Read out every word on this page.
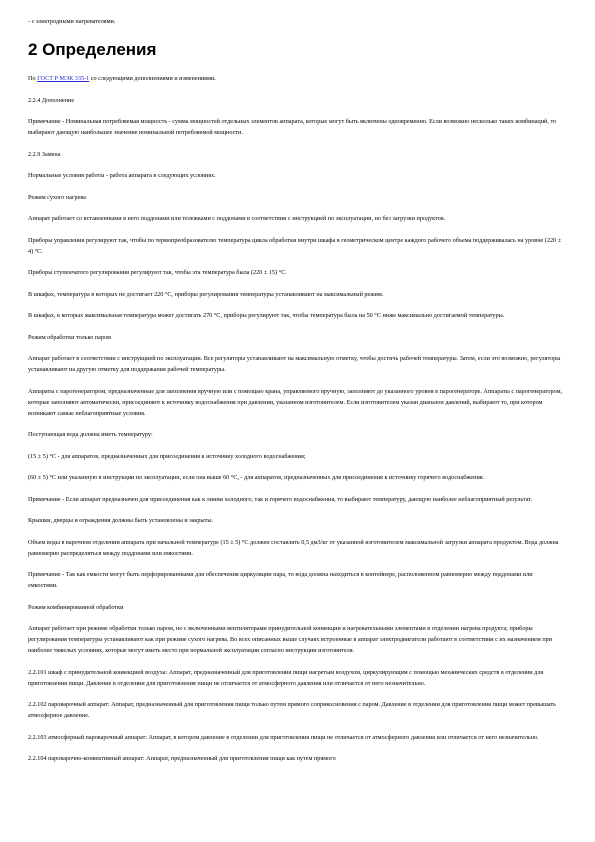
- с электродными нагревателями.
2 Определения

По ГОСТ Р МЭК 335-1 со следующими дополнениями и изменениями.

2.2.4 Дополнение

Примечание - Номинальная потребляемая мощность - сумма мощностей отдельных элементов аппарата, которые могут быть включены одновременно. Если возможно несколько таких комбинаций, то выбирают дающую наибольшее значение номинальной потребляемой мощности.

2.2.9 Замена

Нормальные условия работы - работа аппарата в следующих условиях.

Режим сухого нагрева

Аппарат работает со вставленными в него поддонами или тележками с поддонами в соответствии с инструкцией по эксплуатации, но без загрузки продуктов.

Приборы управления регулируют так, чтобы по термопреобразователю температура цикла обработки внутри шкафа в геометрическом центре каждого рабочего объема поддерживалась на уровне (220 ± 4) °С.

Приборы ступенчатого регулирования регулируют так, чтобы эта температура была (220 ± 15) °С.

В шкафах, температура в которых не достигает 220 °С, приборы регулирования температуры устанавливают на максимальный режим.

В шкафах, в которых максимальная температура может достигать 270 °С, приборы регулируют так, чтобы температура была на 50 °С ниже максимально достигаемой температуры.

Режим обработки только паром

Аппарат работает в соответствии с инструкцией по эксплуатации. Все регуляторы устанавливают на максимальную отметку, чтобы достичь рабочей температуры. Затем, если это возможно, регуляторы устанавливают на другую отметку для поддержания рабочей температуры.

Аппараты с парогенератором, предназначенные для заполнения вручную или с помощью крана, управляемого вручную, заполняют до указанного уровня в парогенераторе. Аппараты с парогенератором, которые заполняют автоматически, присоединяют к источнику водоснабжения при давлении, указанном изготовителем. Если изготовителем указан диапазон давлений, выбирают то, при котором возникают самые неблагоприятные условия.

Поступающая вода должна иметь температуру:

(15 ± 5) °С - для аппаратов, предназначенных для присоединения к источнику холодного водоснабжения;

(60 ± 5) °С или указанную в инструкции по эксплуатации, если она выше 60 °С, - для аппаратов, предназначенных для присоединения к источнику горячего водоснабжения.

Примечание - Если аппарат предназначен для присоединения как к линии холодного, так и горячего водоснабжения, то выбирают температуру, дающую наиболее неблагоприятный результат.

Крышки, дверцы и ограждения должны быть установлены и закрыты.

Объем воды в варочном отделении аппарата при начальной температуре (15 ± 5) °С должен составлять 0,5 дм3/кг от указанной изготовителем максимальной загрузки аппарата продуктом. Вода должна равномерно распределяться между поддонами или емкостями.

Примечание - Так как емкости могут быть перфорированными для обеспечения циркуляции пара, то вода должна находиться в контейнере, расположенном равномерно между поддонами или емкостями.

Режим комбинированной обработки

Аппарат работает при режиме обработки только паром, но с включенными вентиляторами принудительной конвекции и нагревательными элементами в отделении нагрева продукта; приборы регулирования температуры устанавливают как при режиме сухого нагрева. Во всех описанных выше случаях встроенные в аппарат электродвигатели работают в соответствии с их назначением при наиболее тяжелых условиях, которые могут иметь место при нормальной эксплуатации согласно инструкции изготовителя.

2.2.101 шкаф с принудительной конвекцией воздуха: Аппарат, предназначенный для приготовления пищи нагретым воздухом, циркулирующим с помощью механических средств в отделении для приготовления пищи. Давление в отделении для приготовления пищи не отличается от атмосферного давления или отличается от него незначительно.

2.2.102 пароварочный аппарат: Аппарат, предназначенный для приготовления пищи только путем прямого соприкосновения с паром. Давление в отделении для приготовления пищи может превышать атмосферное давление.

2.2.103 атмосферный пароварочный аппарат: Аппарат, в котором давление в отделении для приготовления пищи не отличается от атмосферного давления или отличается от него незначительно.

2.2.104 пароварочно-конвективный аппарат: Аппарат, предназначенный для приготовления пищи как путем прямого
